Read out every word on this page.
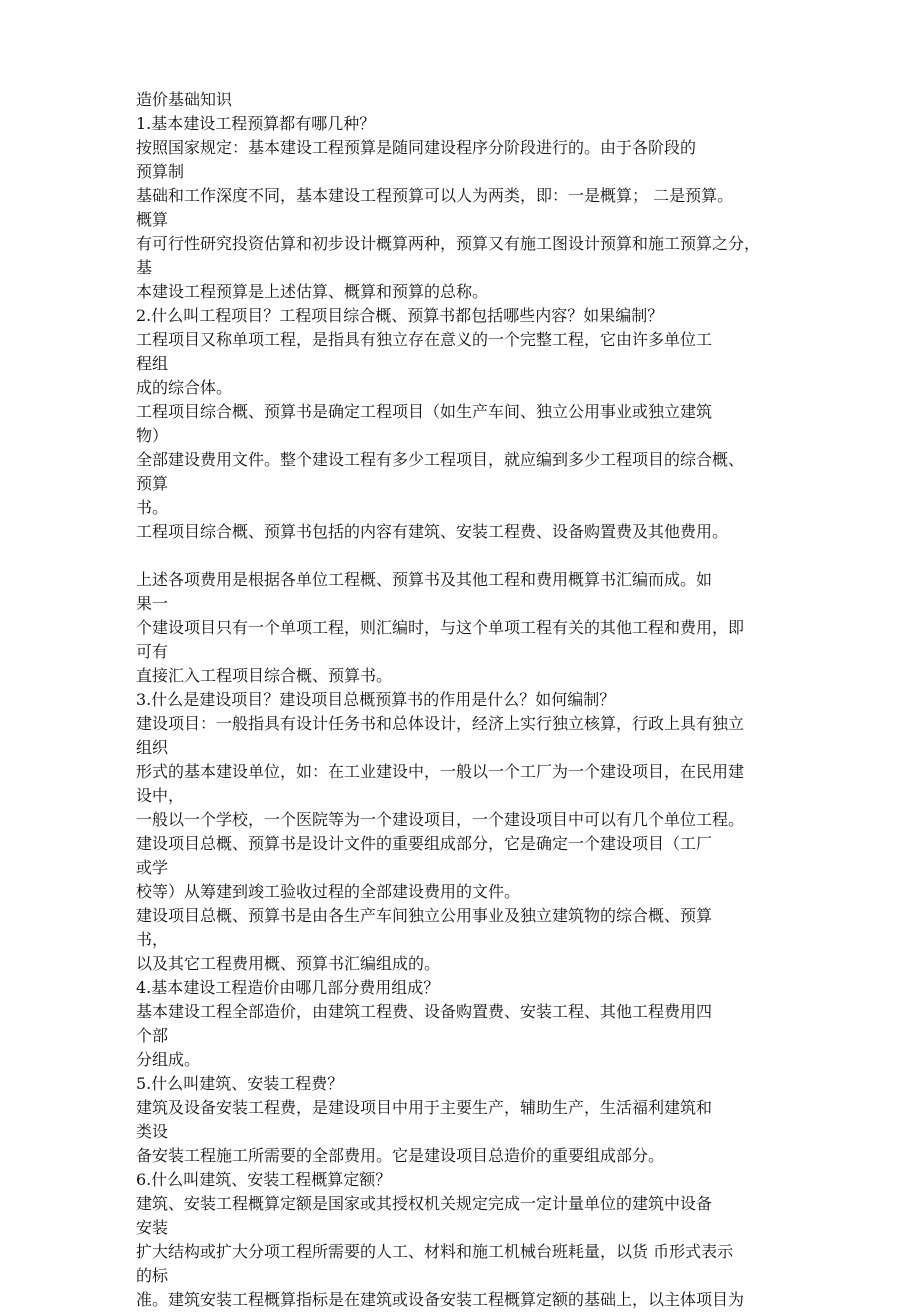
造价基础知识
1.基本建设工程预算都有哪几种？
按照国家规定：基本建设工程预算是随同建设程序分阶段进行的。由于各阶段的
预算制
基础和工作深度不同，基本建设工程预算可以人为两类，即：一是概算； 二是预算。
概算
有可行性研究投资估算和初步设计概算两种，预算又有施工图设计预算和施工预算之分，
基
本建设工程预算是上述估算、概算和预算的总称。
2.什么叫工程项目？工程项目综合概、预算书都包括哪些内容？如果编制？
工程项目又称单项工程，是指具有独立存在意义的一个完整工程，它由许多单位工
程组
成的综合体。
工程项目综合概、预算书是确定工程项目（如生产车间、独立公用事业或独立建筑
物）
全部建设费用文件。整个建设工程有多少工程项目，就应编到多少工程项目的综合概、
预算
书。
工程项目综合概、预算书包括的内容有建筑、安装工程费、设备购置费及其他费用。
上述各项费用是根据各单位工程概、预算书及其他工程和费用概算书汇编而成。如
果一
个建设项目只有一个单项工程，则汇编时，与这个单项工程有关的其他工程和费用，即
可有
直接汇入工程项目综合概、预算书。
3.什么是建设项目？建设项目总概预算书的作用是什么？如何编制？
建设项目：一般指具有设计任务书和总体设计，经济上实行独立核算，行政上具有独立
组织
形式的基本建设单位，如：在工业建设中，一般以一个工厂为一个建设项目，在民用建
设中，
一般以一个学校，一个医院等为一个建设项目，一个建设项目中可以有几个单位工程。
建设项目总概、预算书是设计文件的重要组成部分，它是确定一个建设项目（工厂
或学
校等）从筹建到竣工验收过程的全部建设费用的文件。
建设项目总概、预算书是由各生产车间独立公用事业及独立建筑物的综合概、预算
书，
以及其它工程费用概、预算书汇编组成的。
4.基本建设工程造价由哪几部分费用组成？
基本建设工程全部造价，由建筑工程费、设备购置费、安装工程、其他工程费用四
个部
分组成。
5.什么叫建筑、安装工程费？
建筑及设备安装工程费，是建设项目中用于主要生产，辅助生产，生活福利建筑和
类设
备安装工程施工所需要的全部费用。它是建设项目总造价的重要组成部分。
6.什么叫建筑、安装工程概算定额？
建筑、安装工程概算定额是国家或其授权机关规定完成一定计量单位的建筑中设备
安装
扩大结构或扩大分项工程所需要的人工、材料和施工机械台班耗量，以货 币形式表示
的标
准。建筑安装工程概算指标是在建筑或设备安装工程概算定额的基础上，以主体项目为
